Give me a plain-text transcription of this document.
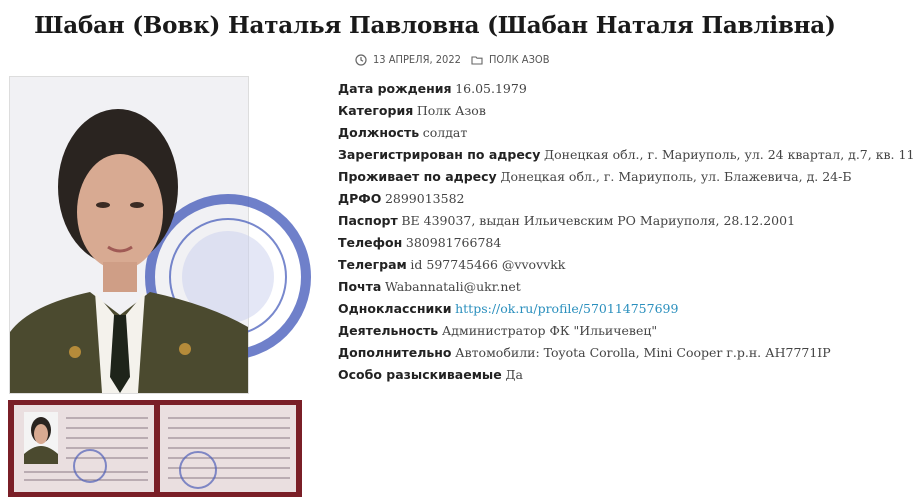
Шабан (Вовк) Наталья Павловна (Шабан Наталя Павлівна)
13 АПРЕЛЯ, 2022	ПОЛК АЗОВ
Дата рождения 16.05.1979
Категория Полк Азов
Должность солдат
Зарегистрирован по адресу Донецкая обл., г. Мариуполь, ул. 24 квартал, д.7, кв. 11
Проживает по адресу Донецкая обл., г. Мариуполь, ул. Блажевича, д. 24-Б
ДРФО 2899013582
Паспорт ВЕ 439037, выдан Ильичевским РО Мариуполя, 28.12.2001
Телефон 380981766784
Телеграм id 597745466 @vvovvkk
Почта Wabannatali@ukr.net
Одноклассники https://ok.ru/profile/570114757699
Деятельность Администратор ФК "Ильичевец"
Дополнительно Автомобили: Toyota Corolla, Mini Cooper г.р.н. АН7771IP
Особо разыскиваемые Да
